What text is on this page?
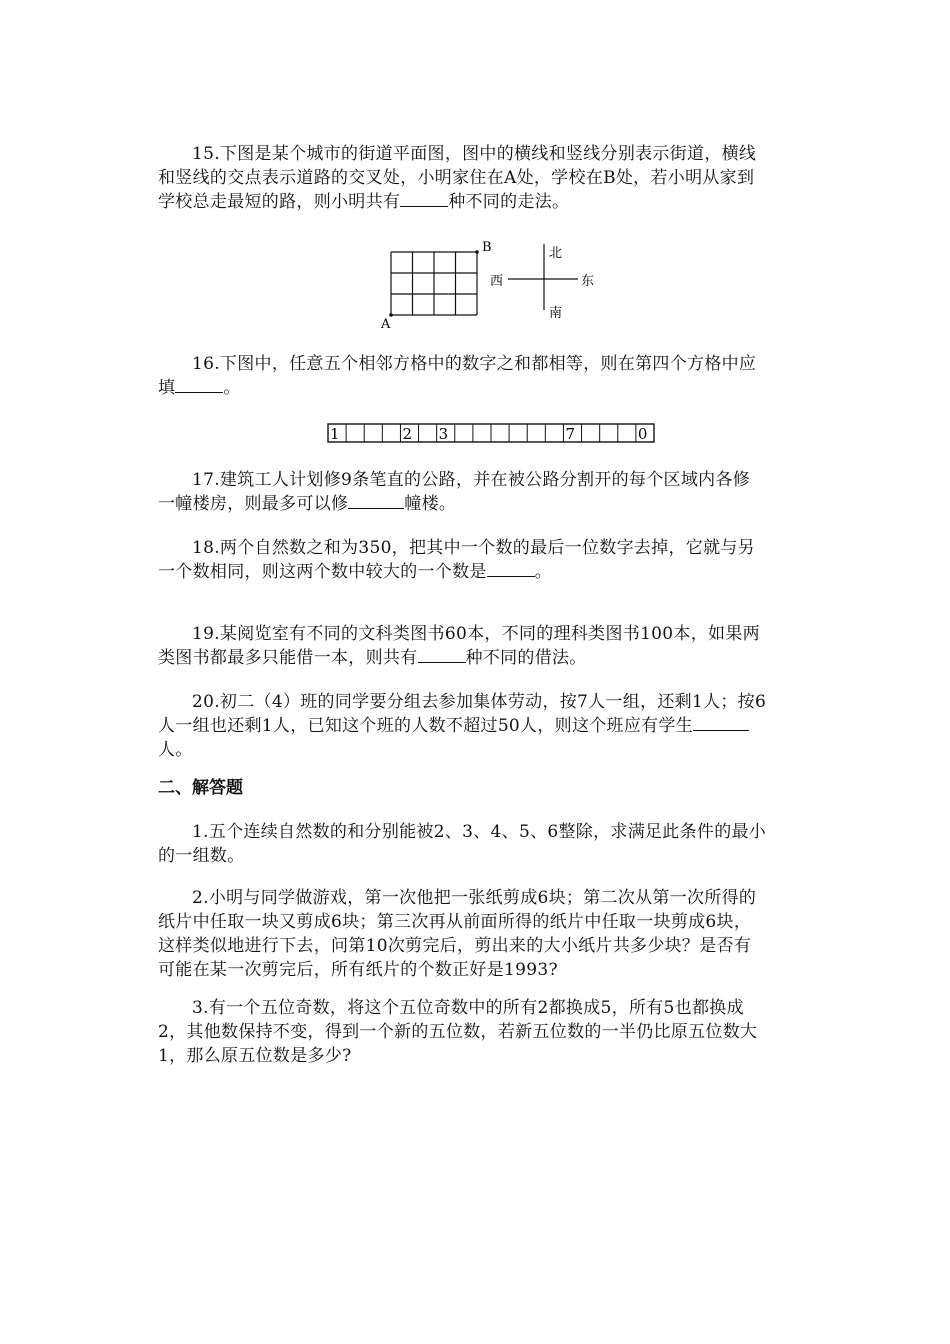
15.下图是某个城市的街道平面图，图中的横线和竖线分别表示街道，横线
和竖线的交点表示道路的交叉处，小明家住在A处，学校在B处，若小明从家到
学校总走最短的路，则小明共有	种不同的走法。
A
B	北
南
西	东
16.下图中，任意五个相邻方格中的数字之和都相等，则在第四个方格中应
填	。
1	2 3	7	0
17.建筑工人计划修9条笔直的公路，并在被公路分割开的每个区域内各修
一幢楼房，则最多可以修	幢楼。
18.两个自然数之和为350，把其中一个数的最后一位数字去掉，它就与另
一个数相同，则这两个数中较大的一个数是	。
19.某阅览室有不同的文科类图书60本，不同的理科类图书100本，如果两
类图书都最多只能借一本，则共有	种不同的借法。
20.初二（4）班的同学要分组去参加集体劳动，按7人一组，还剩1人；按6
人一组也还剩1人，已知这个班的人数不超过50人，则这个班应有学生
人。
二、解答题
1.五个连续自然数的和分别能被2、3、4、5、6整除，求满足此条件的最小
的一组数。
2.小明与同学做游戏，第一次他把一张纸剪成6块；第二次从第一次所得的
纸片中任取一块又剪成6块；第三次再从前面所得的纸片中任取一块剪成6块，
这样类似地进行下去，问第10次剪完后，剪出来的大小纸片共多少块？是否有
可能在某一次剪完后，所有纸片的个数正好是1993?
3.有一个五位奇数，将这个五位奇数中的所有2都换成5，所有5也都换成
2，其他数保持不变，得到一个新的五位数，若新五位数的一半仍比原五位数大
1，那么原五位数是多少?
